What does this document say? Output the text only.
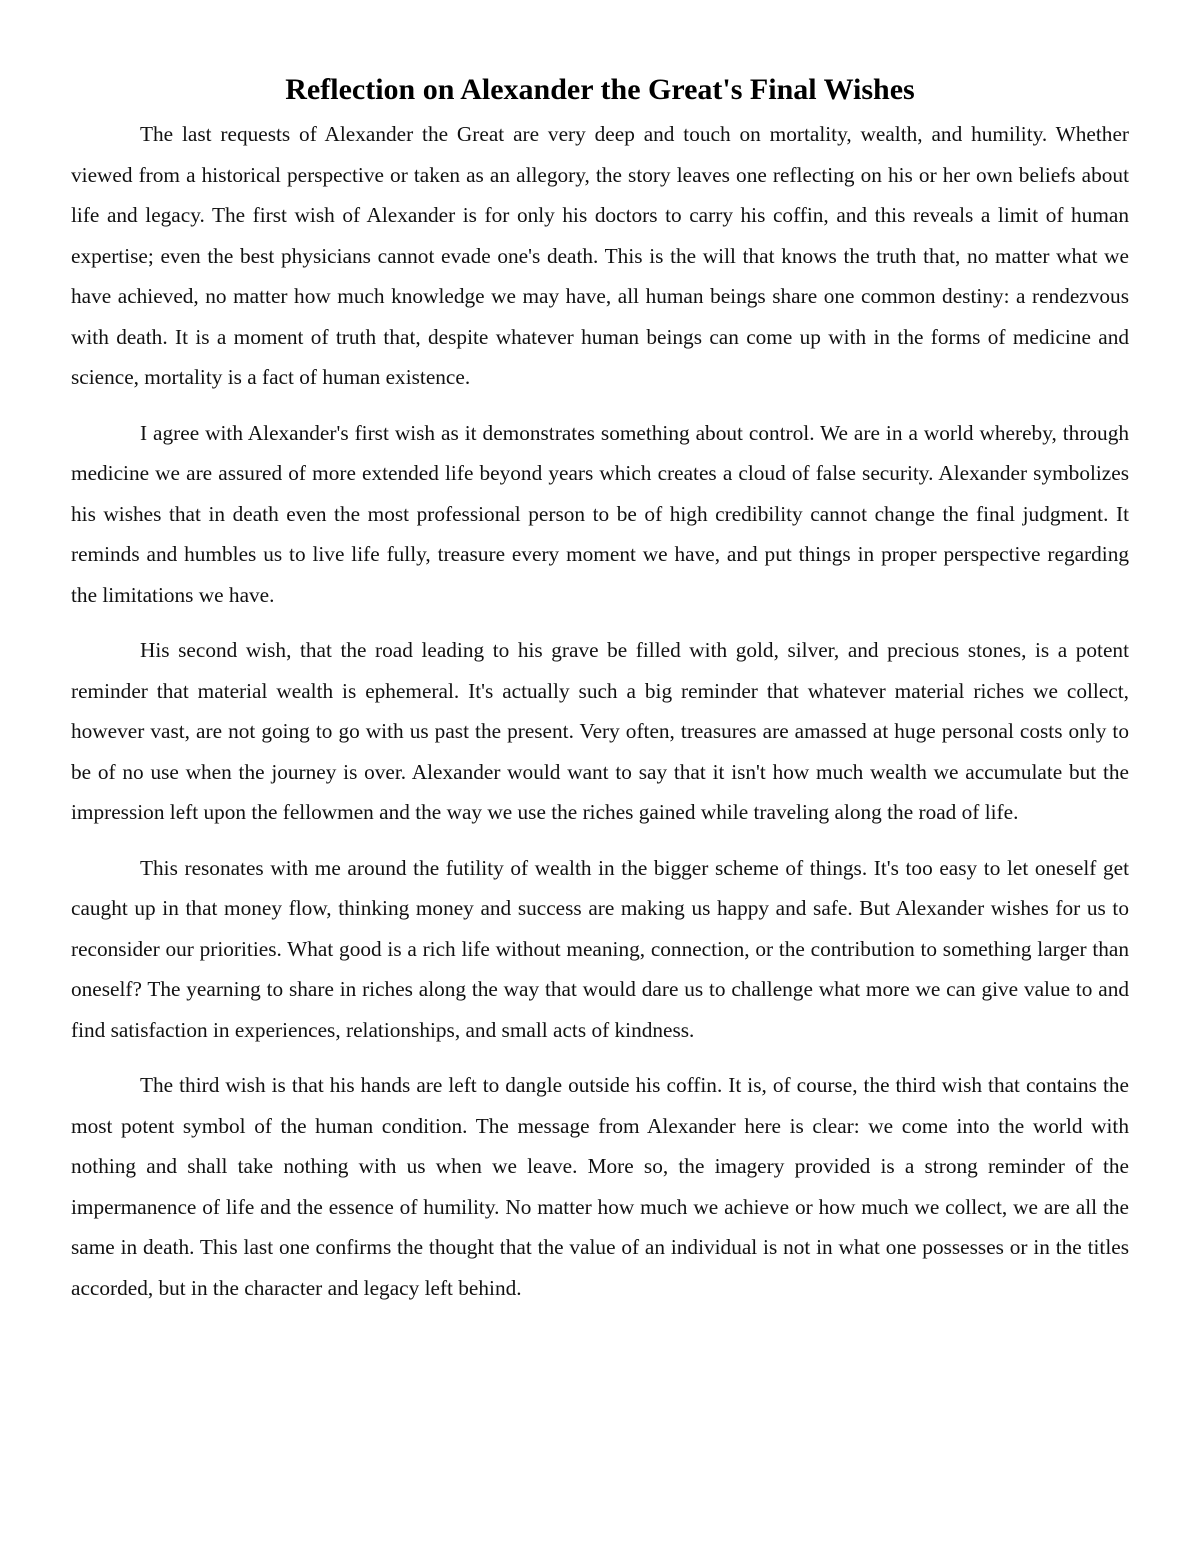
Reflection on Alexander the Great's Final Wishes

The last requests of Alexander the Great are very deep and touch on mortality, wealth, and humility. Whether viewed from a historical perspective or taken as an allegory, the story leaves one reflecting on his or her own beliefs about life and legacy. The first wish of Alexander is for only his doctors to carry his coffin, and this reveals a limit of human expertise; even the best physicians cannot evade one's death. This is the will that knows the truth that, no matter what we have achieved, no matter how much knowledge we may have, all human beings share one common destiny: a rendezvous with death. It is a moment of truth that, despite whatever human beings can come up with in the forms of medicine and science, mortality is a fact of human existence.

I agree with Alexander's first wish as it demonstrates something about control. We are in a world whereby, through medicine we are assured of more extended life beyond years which creates a cloud of false security. Alexander symbolizes his wishes that in death even the most professional person to be of high credibility cannot change the final judgment. It reminds and humbles us to live life fully, treasure every moment we have, and put things in proper perspective regarding the limitations we have.

His second wish, that the road leading to his grave be filled with gold, silver, and precious stones, is a potent reminder that material wealth is ephemeral. It's actually such a big reminder that whatever material riches we collect, however vast, are not going to go with us past the present. Very often, treasures are amassed at huge personal costs only to be of no use when the journey is over. Alexander would want to say that it isn't how much wealth we accumulate but the impression left upon the fellowmen and the way we use the riches gained while traveling along the road of life.

This resonates with me around the futility of wealth in the bigger scheme of things. It's too easy to let oneself get caught up in that money flow, thinking money and success are making us happy and safe. But Alexander wishes for us to reconsider our priorities. What good is a rich life without meaning, connection, or the contribution to something larger than oneself? The yearning to share in riches along the way that would dare us to challenge what more we can give value to and find satisfaction in experiences, relationships, and small acts of kindness.

The third wish is that his hands are left to dangle outside his coffin. It is, of course, the third wish that contains the most potent symbol of the human condition. The message from Alexander here is clear: we come into the world with nothing and shall take nothing with us when we leave. More so, the imagery provided is a strong reminder of the impermanence of life and the essence of humility. No matter how much we achieve or how much we collect, we are all the same in death. This last one confirms the thought that the value of an individual is not in what one possesses or in the titles accorded, but in the character and legacy left behind.
